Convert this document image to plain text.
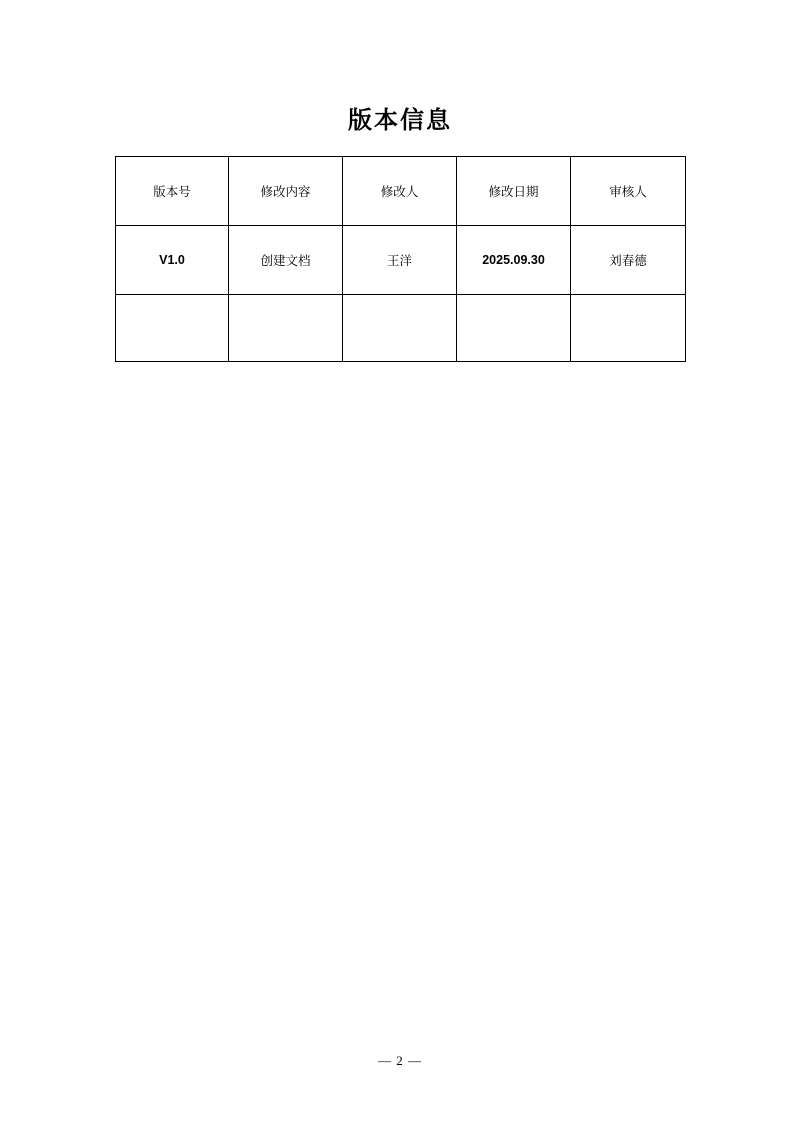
版本信息
版本号	修改内容	修改人	修改日期	审核人
V1.0	创建文档	王洋	2025.09.30	刘春德

— 2 —
